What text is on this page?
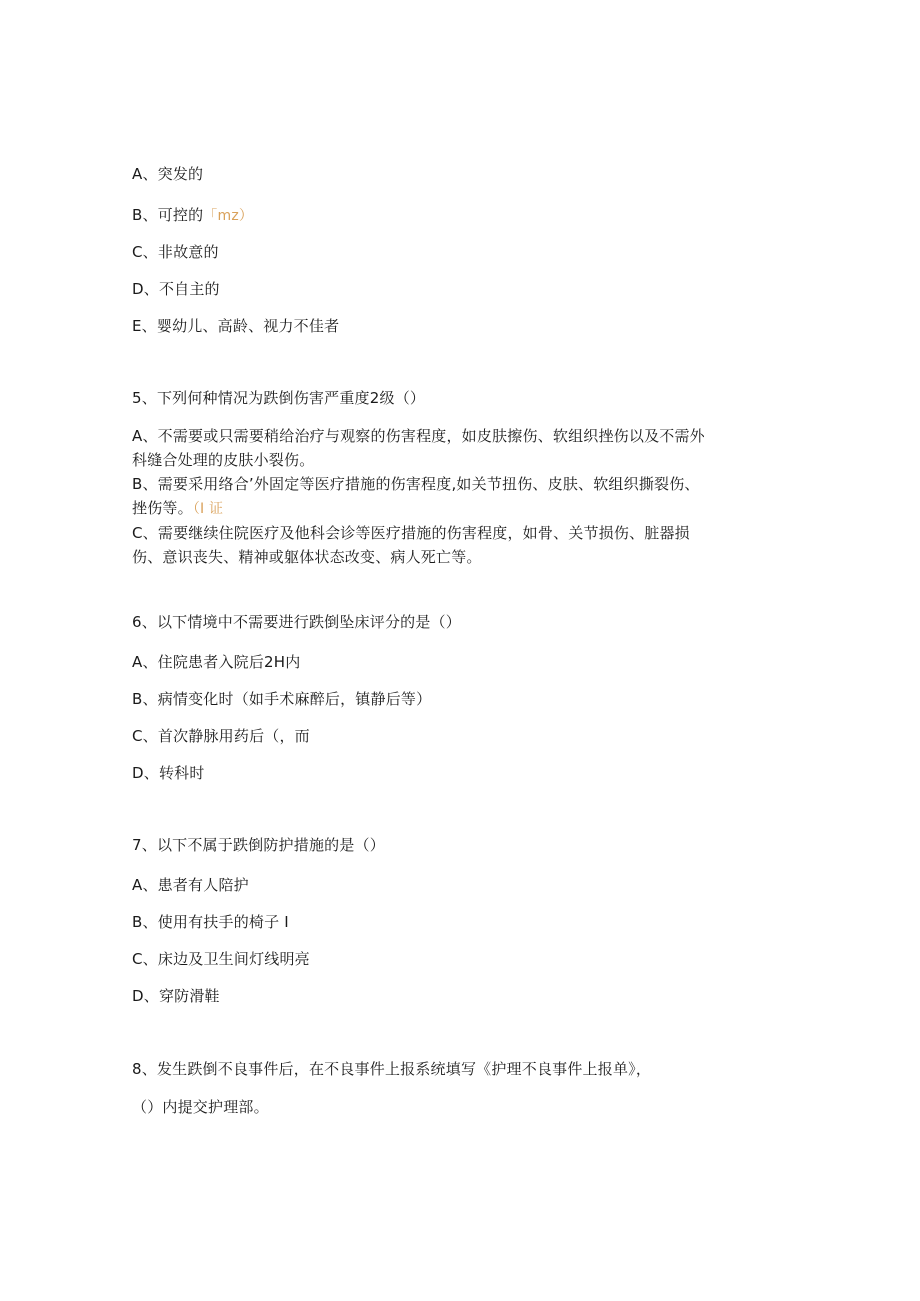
A、突发的
B、可控的「mz）
C、非故意的
D、不自主的
E、婴幼儿、高龄、视力不佳者
5、下列何种情况为跌倒伤害严重度2级（）
A、不需要或只需要稍给治疗与观察的伤害程度，如皮肤擦伤、软组织挫伤以及不需外
科缝合处理的皮肤小裂伤。
B、需要采用络合’外固定等医疗措施的伤害程度,如关节扭伤、皮肤、软组织撕裂伤、
挫伤等。（I 证
C、需要继续住院医疗及他科会诊等医疗措施的伤害程度，如骨、关节损伤、脏器损
伤、意识丧失、精神或躯体状态改变、病人死亡等。
6、以下情境中不需要进行跌倒坠床评分的是（）
A、住院患者入院后2H内
B、病情变化时（如手术麻醉后，镇静后等）
C、首次静脉用药后（，而
D、转科时
7、以下不属于跌倒防护措施的是（）
A、患者有人陪护
B、使用有扶手的椅子 I
C、床边及卫生间灯线明亮
D、穿防滑鞋
8、发生跌倒不良事件后，在不良事件上报系统填写《护理不良事件上报单》，
（）内提交护理部。
